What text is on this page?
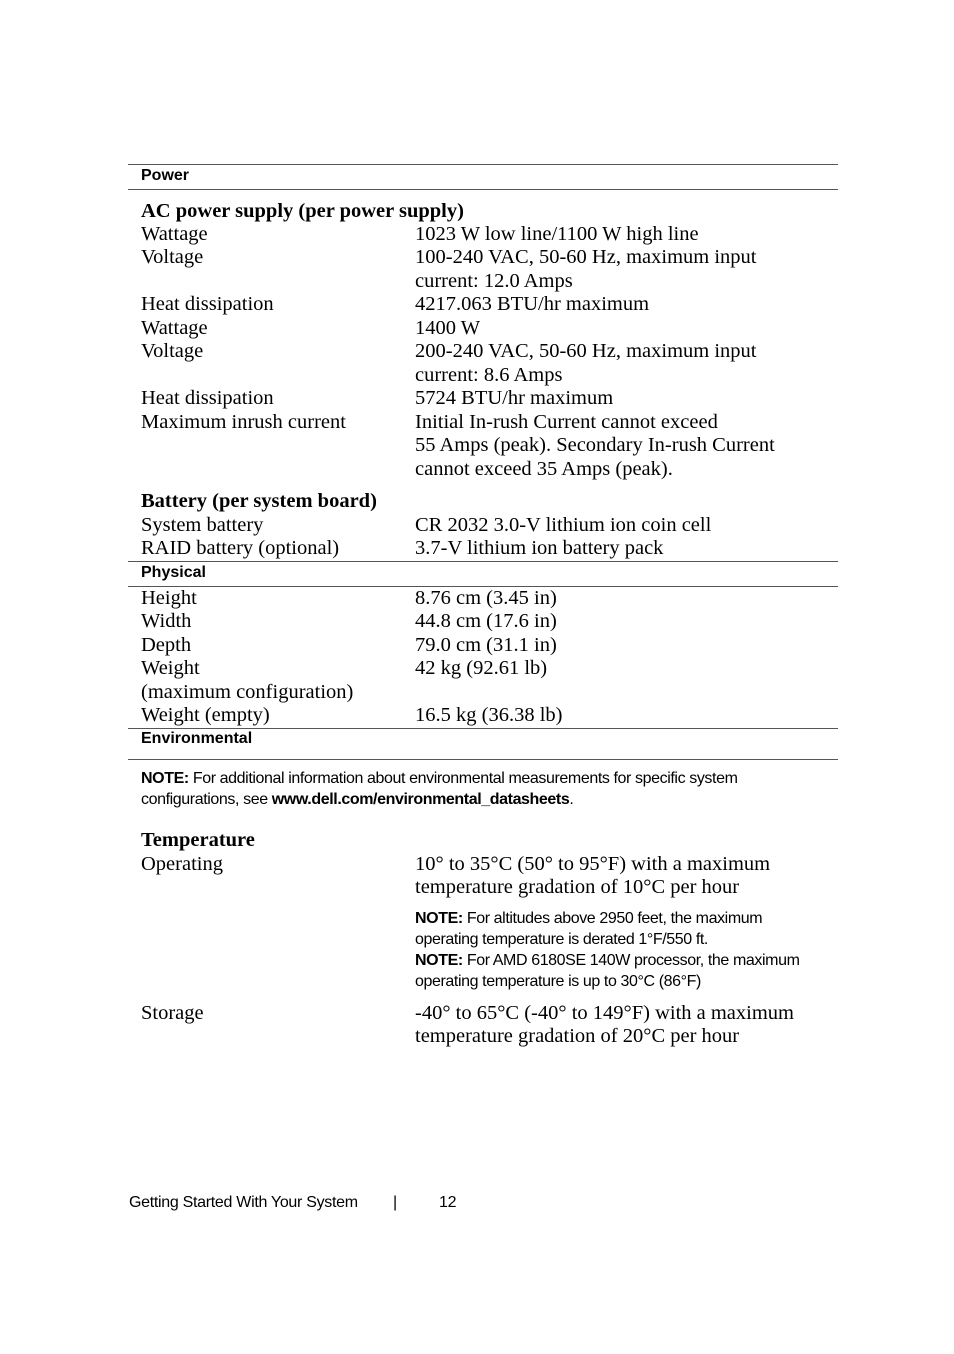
Power
AC power supply (per power supply)
Wattage	1023 W low line/1100 W high line
Voltage	100-240 VAC, 50-60 Hz, maximum input
current: 12.0 Amps
Heat dissipation	4217.063 BTU/hr maximum
Wattage	1400 W
Voltage	200-240 VAC, 50-60 Hz, maximum input
current: 8.6 Amps
Heat dissipation	5724 BTU/hr maximum
Maximum inrush current	Initial In-rush Current cannot exceed
55 Amps (peak). Secondary In-rush Current
cannot exceed 35 Amps (peak).
Battery (per system board)
System battery	CR 2032 3.0-V lithium ion coin cell
RAID battery (optional)	3.7-V lithium ion battery pack
Physical
Height	8.76 cm (3.45 in)
Width	44.8 cm (17.6 in)
Depth	79.0 cm (31.1 in)
Weight	42 kg (92.61 lb)
(maximum configuration)
Weight (empty)	16.5 kg (36.38 lb)
Environmental
NOTE: For additional information about environmental measurements for specific system
configurations, see www.dell.com/environmental_datasheets.
Temperature
Operating	10° to 35°C (50° to 95°F) with a maximum
temperature gradation of 10°C per hour
NOTE: For altitudes above 2950 feet, the maximum
operating temperature is derated 1°F/550 ft.
NOTE: For AMD 6180SE 140W processor, the maximum
operating temperature is up to 30°C (86°F)
Storage	-40° to 65°C (-40° to 149°F) with a maximum
temperature gradation of 20°C per hour
Getting Started With Your System |	12
